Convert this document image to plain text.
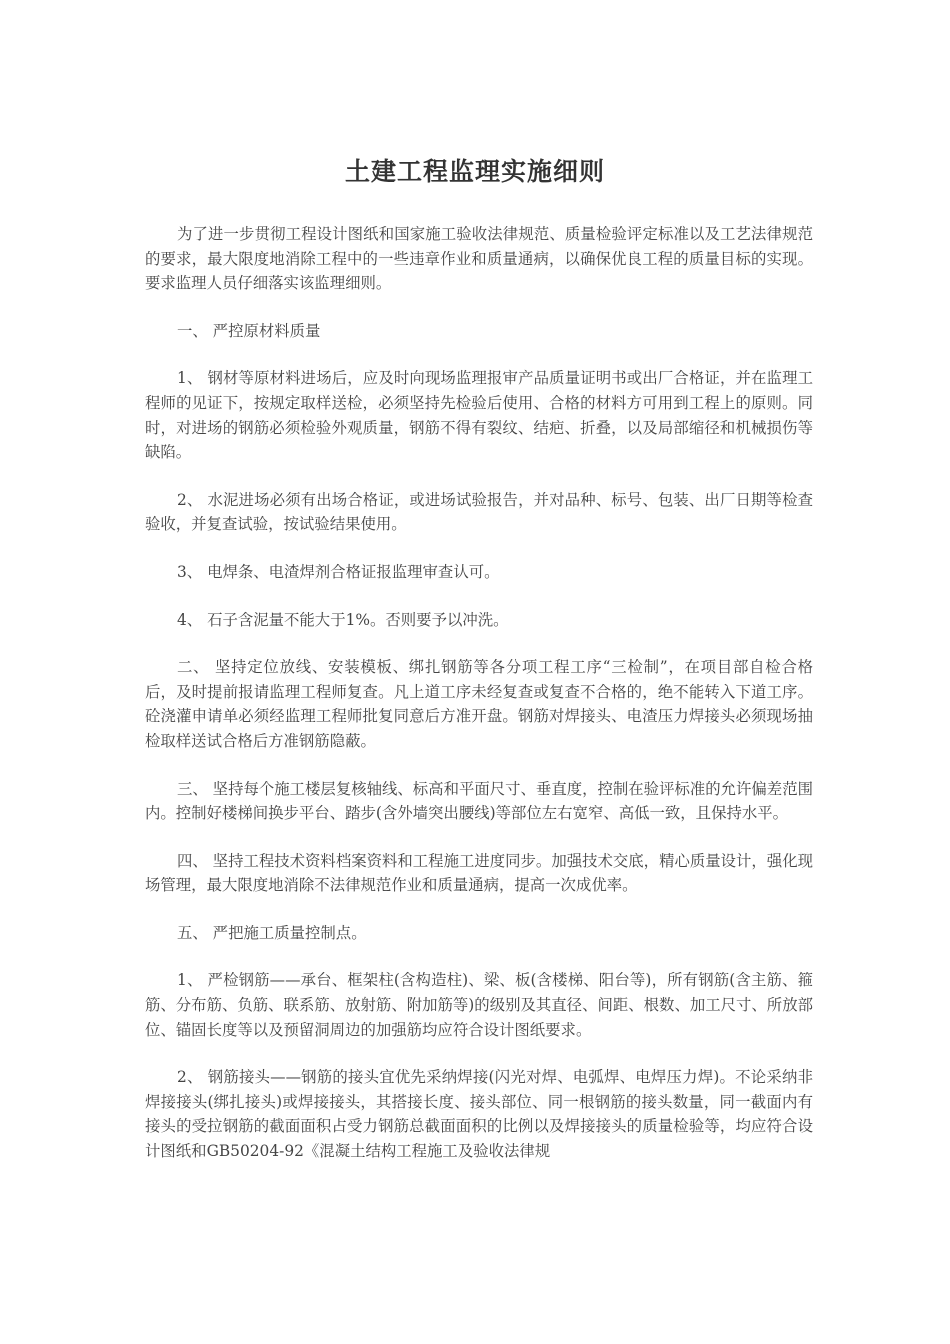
土建工程监理实施细则

为了进一步贯彻工程设计图纸和国家施工验收法律规范、质量检验评定标准以及工艺法律规范的要求，最大限度地消除工程中的一些违章作业和质量通病，以确保优良工程的质量目标的实现。要求监理人员仔细落实该监理细则。

一、 严控原材料质量

1、 钢材等原材料进场后，应及时向现场监理报审产品质量证明书或出厂合格证，并在监理工程师的见证下，按规定取样送检，必须坚持先检验后使用、合格的材料方可用到工程上的原则。同时，对进场的钢筋必须检验外观质量，钢筋不得有裂纹、结疤、折叠，以及局部缩径和机械损伤等缺陷。

2、 水泥进场必须有出场合格证，或进场试验报告，并对品种、标号、包装、出厂日期等检查验收，并复查试验，按试验结果使用。

3、 电焊条、电渣焊剂合格证报监理审查认可。

4、 石子含泥量不能大于1%。否则要予以冲洗。

二、 坚持定位放线、安装模板、绑扎钢筋等各分项工程工序“三检制”，在项目部自检合格后，及时提前报请监理工程师复查。凡上道工序未经复查或复查不合格的，绝不能转入下道工序。砼浇灌申请单必须经监理工程师批复同意后方准开盘。钢筋对焊接头、电渣压力焊接头必须现场抽检取样送试合格后方准钢筋隐蔽。

三、 坚持每个施工楼层复核轴线、标高和平面尺寸、垂直度，控制在验评标准的允许偏差范围内。控制好楼梯间换步平台、踏步(含外墙突出腰线)等部位左右宽窄、高低一致，且保持水平。

四、 坚持工程技术资料档案资料和工程施工进度同步。加强技术交底，精心质量设计，强化现场管理，最大限度地消除不法律规范作业和质量通病，提高一次成优率。

五、 严把施工质量控制点。

1、 严检钢筋——承台、框架柱(含构造柱)、梁、板(含楼梯、阳台等)，所有钢筋(含主筋、箍筋、分布筋、负筋、联系筋、放射筋、附加筋等)的级别及其直径、间距、根数、加工尺寸、所放部位、锚固长度等以及预留洞周边的加强筋均应符合设计图纸要求。

2、 钢筋接头——钢筋的接头宜优先采纳焊接(闪光对焊、电弧焊、电焊压力焊)。不论采纳非焊接接头(绑扎接头)或焊接接头，其搭接长度、接头部位、同一根钢筋的接头数量，同一截面内有接头的受拉钢筋的截面面积占受力钢筋总截面面积的比例以及焊接接头的质量检验等，均应符合设计图纸和GB50204-92《混凝土结构工程施工及验收法律规
